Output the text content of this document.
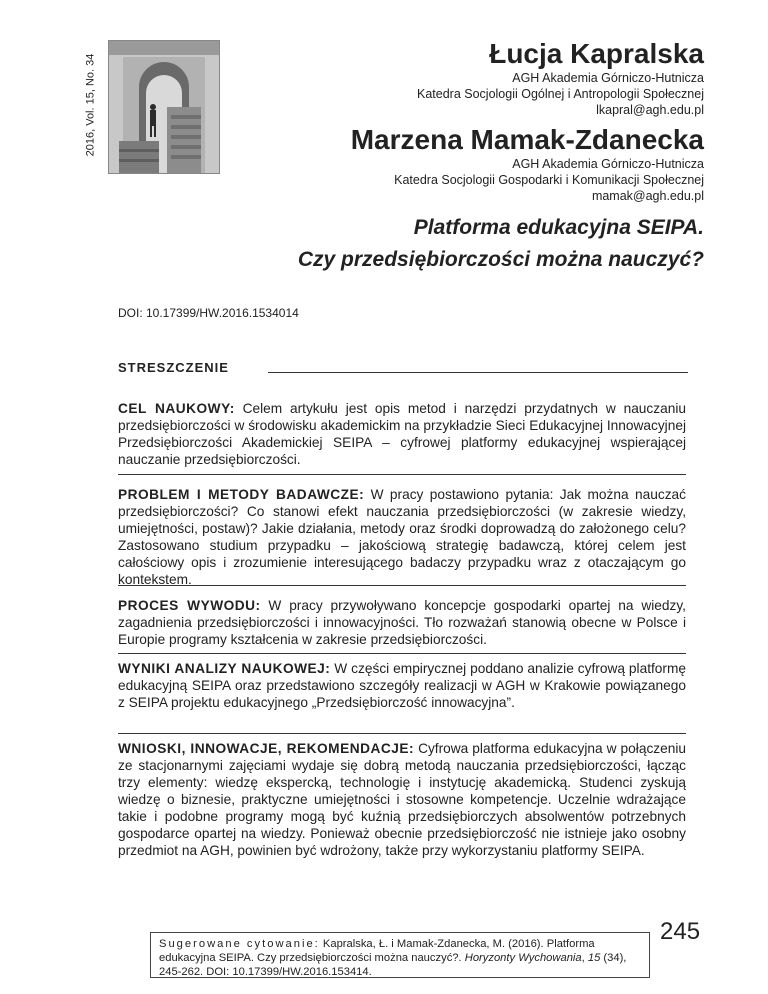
2016, Vol. 15, No. 34
Łucja Kapralska
AGH Akademia Górniczo-Hutnicza
Katedra Socjologii Ogólnej i Antropologii Społecznej
lkapral@agh.edu.pl
Marzena Mamak-Zdanecka
AGH Akademia Górniczo-Hutnicza
Katedra Socjologii Gospodarki i Komunikacji Społecznej
mamak@agh.edu.pl
Platforma edukacyjna SEIPA.
Czy przedsiębiorczości można nauczyć?
DOI: 10.17399/HW.2016.1534014
STRESZCZENIE
CEL NAUKOWY: Celem artykułu jest opis metod i narzędzi przydatnych w nauczaniu przedsiębiorczości w środowisku akademickim na przykładzie Sieci Edukacyjnej Innowacyjnej Przedsiębiorczości Akademickiej SEIPA – cyfrowej platformy edukacyjnej wspierającej nauczanie przedsiębiorczości.
PROBLEM I METODY BADAWCZE: W pracy postawiono pytania: Jak można nauczać przedsiębiorczości? Co stanowi efekt nauczania przedsiębiorczości (w zakresie wiedzy, umiejętności, postaw)? Jakie działania, metody oraz środki doprowadzą do założonego celu? Zastosowano studium przypadku – jakościową strategię badawczą, której celem jest całościowy opis i zrozumienie interesującego badaczy przypadku wraz z otaczającym go kontekstem.
PROCES WYWODU: W pracy przywoływano koncepcje gospodarki opartej na wiedzy, zagadnienia przedsiębiorczości i innowacyjności. Tło rozważań stanowią obecne w Polsce i Europie programy kształcenia w zakresie przedsiębiorczości.
WYNIKI ANALIZY NAUKOWEJ: W części empirycznej poddano analizie cyfrową platformę edukacyjną SEIPA oraz przedstawiono szczegóły realizacji w AGH w Krakowie powiązanego z SEIPA projektu edukacyjnego „Przedsiębiorczość innowacyjna”.
WNIOSKI, INNOWACJE, REKOMENDACJE: Cyfrowa platforma edukacyjna w połączeniu ze stacjonarnymi zajęciami wydaje się dobrą metodą nauczania przedsiębiorczości, łącząc trzy elementy: wiedzę ekspercką, technologię i instytucję akademicką. Studenci zyskują wiedzę o biznesie, praktyczne umiejętności i stosowne kompetencje. Uczelnie wdrażające takie i podobne programy mogą być kuźnią przedsiębiorczych absolwentów potrzebnych gospodarce opartej na wiedzy. Ponieważ obecnie przedsiębiorczość nie istnieje jako osobny przedmiot na AGH, powinien być wdrożony, także przy wykorzystaniu platformy SEIPA.
Sugerowane cytowanie: Kapralska, Ł. i Mamak-Zdanecka, M. (2016). Platforma edukacyjna SEIPA. Czy przedsiębiorczości można nauczyć?. Horyzonty Wychowania, 15 (34), 245-262. DOI: 10.17399/HW.2016.153414.
245
